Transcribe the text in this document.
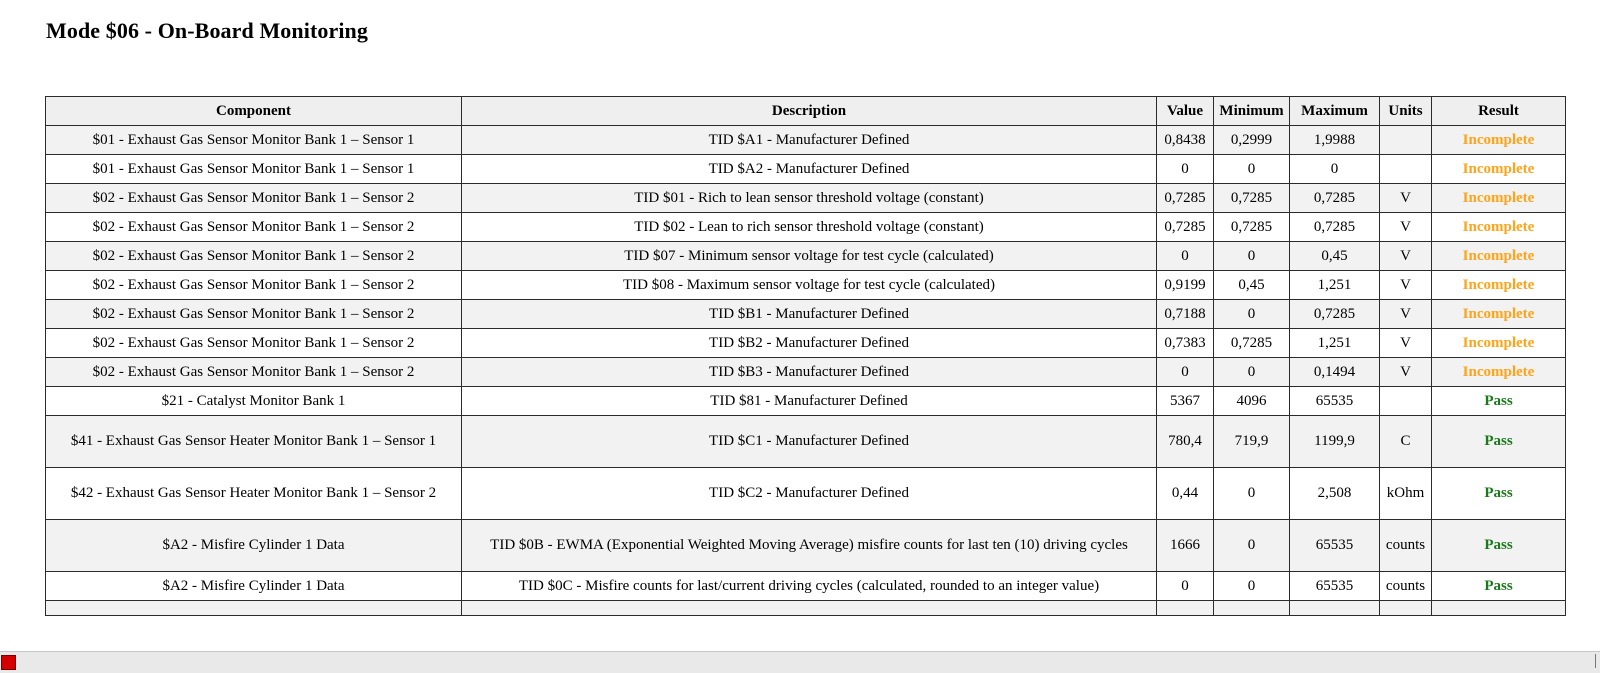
Mode $06 - On-Board Monitoring
Component	Description	Value	Minimum	Maximum	Units	Result
$01 - Exhaust Gas Sensor Monitor Bank 1 – Sensor 1	TID $A1 - Manufacturer Defined	0,8438	0,2999	1,9988		Incomplete
$01 - Exhaust Gas Sensor Monitor Bank 1 – Sensor 1	TID $A2 - Manufacturer Defined	0	0	0		Incomplete
$02 - Exhaust Gas Sensor Monitor Bank 1 – Sensor 2	TID $01 - Rich to lean sensor threshold voltage (constant)	0,7285	0,7285	0,7285	V	Incomplete
$02 - Exhaust Gas Sensor Monitor Bank 1 – Sensor 2	TID $02 - Lean to rich sensor threshold voltage (constant)	0,7285	0,7285	0,7285	V	Incomplete
$02 - Exhaust Gas Sensor Monitor Bank 1 – Sensor 2	TID $07 - Minimum sensor voltage for test cycle (calculated)	0	0	0,45	V	Incomplete
$02 - Exhaust Gas Sensor Monitor Bank 1 – Sensor 2	TID $08 - Maximum sensor voltage for test cycle (calculated)	0,9199	0,45	1,251	V	Incomplete
$02 - Exhaust Gas Sensor Monitor Bank 1 – Sensor 2	TID $B1 - Manufacturer Defined	0,7188	0	0,7285	V	Incomplete
$02 - Exhaust Gas Sensor Monitor Bank 1 – Sensor 2	TID $B2 - Manufacturer Defined	0,7383	0,7285	1,251	V	Incomplete
$02 - Exhaust Gas Sensor Monitor Bank 1 – Sensor 2	TID $B3 - Manufacturer Defined	0	0	0,1494	V	Incomplete
$21 - Catalyst Monitor Bank 1	TID $81 - Manufacturer Defined	5367	4096	65535		Pass
$41 - Exhaust Gas Sensor Heater Monitor Bank 1 – Sensor 1	TID $C1 - Manufacturer Defined	780,4	719,9	1199,9	C	Pass
$42 - Exhaust Gas Sensor Heater Monitor Bank 1 – Sensor 2	TID $C2 - Manufacturer Defined	0,44	0	2,508	kOhm	Pass
$A2 - Misfire Cylinder 1 Data	TID $0B - EWMA (Exponential Weighted Moving Average) misfire counts for last ten (10) driving cycles	1666	0	65535	counts	Pass
$A2 - Misfire Cylinder 1 Data	TID $0C - Misfire counts for last/current driving cycles (calculated, rounded to an integer value)	0	0	65535	counts	Pass
